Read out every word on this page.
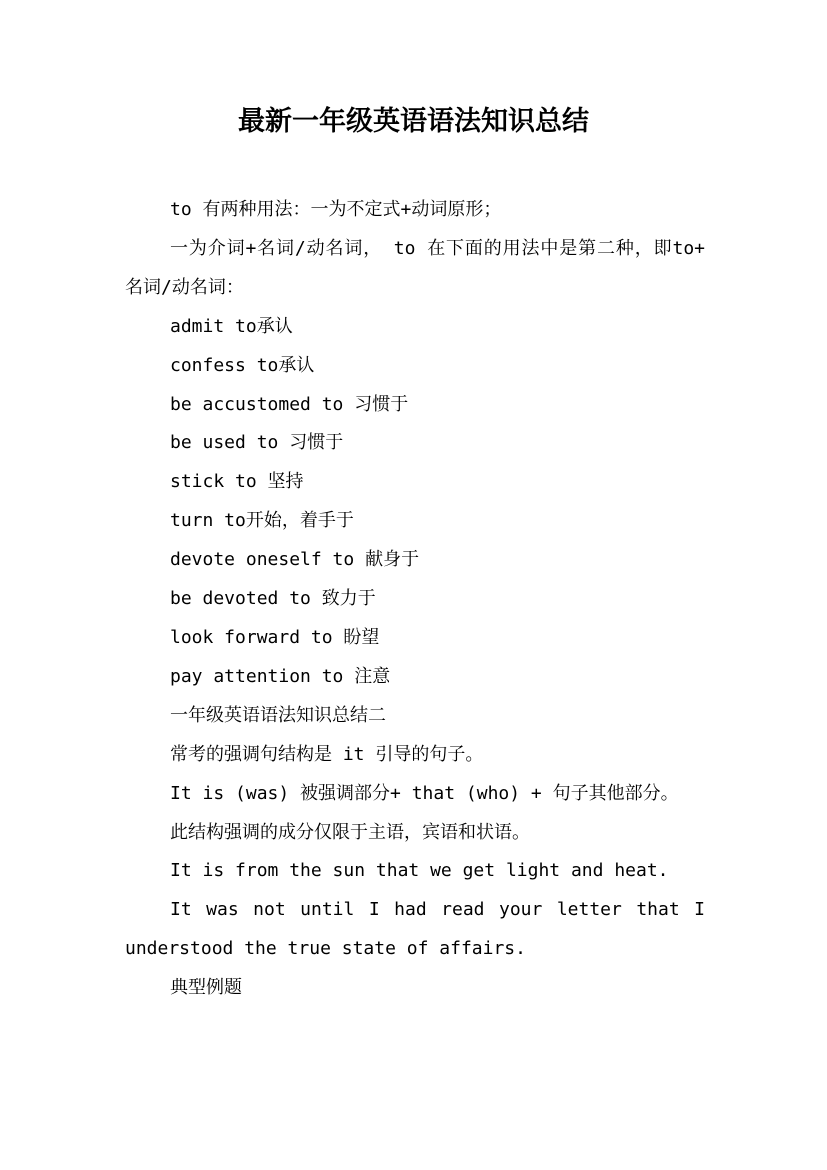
最新一年级英语语法知识总结

to 有两种用法：一为不定式+动词原形；

一为介词+名词/动名词， to 在下面的用法中是第二种，即to+ 名词/动名词：

admit to承认

confess to承认

be accustomed to 习惯于

be used to 习惯于

stick to 坚持

turn to开始，着手于

devote oneself to 献身于

be devoted to 致力于

look forward to 盼望

pay attention to 注意

一年级英语语法知识总结二

常考的强调句结构是 it 引导的句子。

It is (was) 被强调部分+ that (who) + 句子其他部分。

此结构强调的成分仅限于主语，宾语和状语。

It is from the sun that we get light and heat.

It was not until I had read your letter that I understood the true state of affairs.

典型例题
